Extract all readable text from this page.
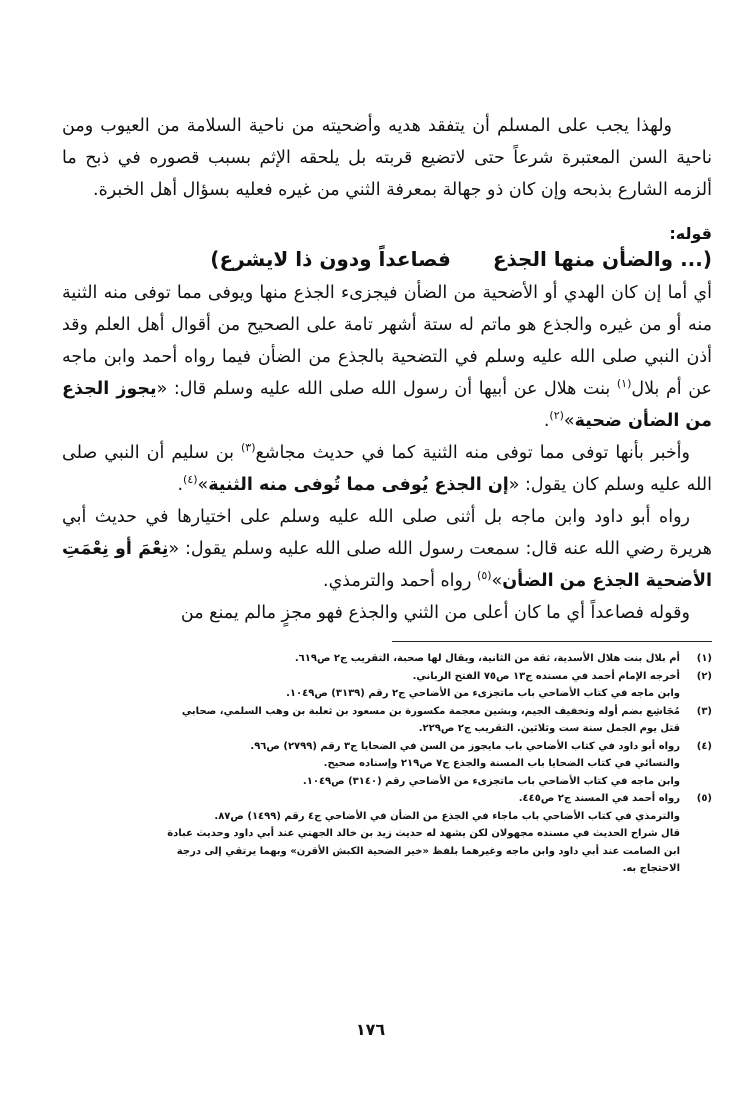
ولهذا يجب على المسلم أن يتفقد هديه وأضحيته من ناحية السلامة من العيوب ومن ناحية السن المعتبرة شرعاً حتى لاتضيع قربته بل يلحقه الإثم بسبب قصوره في ذبح ما ألزمه الشارع بذبحه وإن كان ذو جهالة بمعرفة الثني من غيره فعليه بسؤال أهل الخبرة.

قوله:
(... والضأن منها الجذع  فصاعداً ودون ذا لايشرع)

أي أما إن كان الهدي أو الأضحية من الضأن فيجزىء الجذع منها ويوفى مما توفى منه الثنية منه أو من غيره والجذع هو ماتم له ستة أشهر تامة على الصحيح من أقوال أهل العلم وقد أذن النبي صلى الله عليه وسلم في التضحية بالجذع من الضأن فيما رواه أحمد وابن ماجه عن أم بلال$^{(١)}$ بنت هلال عن أبيها أن رسول الله صلى الله عليه وسلم قال: «يجوز الجذع من الضأن ضحية»$^{(٢)}$.

وأخبر بأنها توفى مما توفى منه الثنية كما في حديث مجاشع$^{(٣)}$ بن سليم أن النبي صلى الله عليه وسلم كان يقول: «إن الجذع يُوفى مما تُوفى منه الثنية»$^{(٤)}$.

رواه أبو داود وابن ماجه بل أثنى صلى الله عليه وسلم على اختيارها في حديث أبي هريرة رضي الله عنه قال: سمعت رسول الله صلى الله عليه وسلم يقول: «نِعْمَ أو نِعْمَتِ الأضحية الجذع من الضأن»$^{(٥)}$ رواه أحمد والترمذي.

وقوله فصاعداً أي ما كان أعلى من الثني والجذع فهو مجزٍ مالم يمنع من

(١)
أم بلال بنت هلال الأسدية، ثقة من الثانية، ويقال لها صحبة، التقريب ج٢ ص٦١٩.
(٢)
أخرجه الإمام أحمد في مسنده ج١٣ ص٧٥ الفتح الرباني.
وابن ماجه في كتاب الأضاحي باب ماتجزىء من الأضاحي ج٢ رقم (٣١٣٩) ص١٠٤٩.
(٣)
مُجَاشِع بضم أوله وتخفيف الجيم، وبشين معجمة مكسورة بن مسعود بن ثعلبة بن وهب السلمي، صحابي
قتل يوم الجمل سنة ست وثلاثين. التقريب ج٢ ص٢٢٩.
(٤)
رواه أبو داود في كتاب الأضاحي باب مايجوز من السن في الضحايا ج٣ رقم (٢٧٩٩) ص٩٦.
والنسائي في كتاب الضحايا باب المسنة والجذع ج٧ ص٢١٩ وإسناده صحيح.
وابن ماجه في كتاب الأضاحي باب ماتجزىء من الأضاحي رقم (٣١٤٠) ص١٠٤٩.
(٥)
رواه أحمد في المسند ج٢ ص٤٤٥.
والترمذي في كتاب الأضاحي باب ماجاء في الجذع من الضأن في الأضاحي ج٤ رقم (١٤٩٩) ص٨٧.
قال شراح الحديث في مسنده مجهولان لكن يشهد له حديث زيد بن خالد الجهني عند أبي داود وحديث عبادة
ابن الصامت عند أبي داود وابن ماجه وغيرهما بلفظ «خير الضحية الكبش الأقرن» وبهما يرتقي إلى درجة
الاحتجاج به.
١٧٦
